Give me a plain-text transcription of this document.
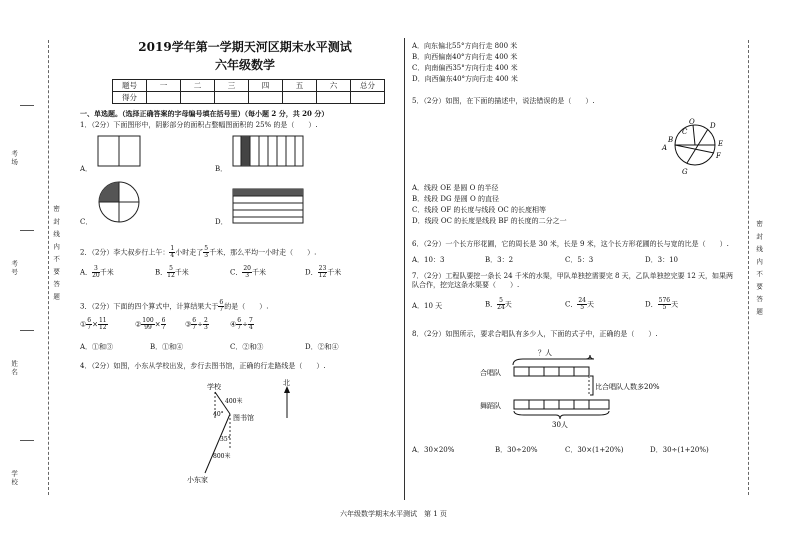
考场
考号
姓名
学校
密 封 线 内 不 要 答 题	密 封 线 内 不 要 答 题
2019学年第一学期天河区期末水平测试
六年级数学
题号	一	二	三	四	五	六	总分
得分							
一、单选题。（选择正确答案的字母编号填在括号里）（每小题 2 分，共 20 分）
1．（2分）下面图形中，阴影部分的面积占整幅图面积的 25% 的是（　　）.
A．	B．
C．	D．
2．（2分）李大叔步行上午： $\frac{1}{4}$ 小时走了 $\frac{5}{3}$ 千米，那么平均一小时走（　　）.
A． $\frac{3}{20}$ 千米	B． $\frac{5}{12}$ 千米	C． $\frac{20}{3}$ 千米	D． $\frac{23}{12}$ 千米
3．（2分）下面的四个算式中，计算结果大于 $\frac{6}{7}$ 的是（　　）.
① $\frac{6}{7} \times \frac{11}{12}$	② $\frac{100}{99} \times \frac{6}{7}$	③ $\frac{6}{7} \div \frac{2}{3}$	④ $\frac{6}{7} \div \frac{7}{4}$
A．①和③	B．①和④	C．②和③	D．②和④
4．（2分）如图，小东从学校出发，步行去图书馆，正确的行走路线是（　　）.
学校	北
400米
40° 图书馆
35°
800米
小东家
A．向东偏北55°方向行走 800 米
B．向西偏南40°方向行走 400 米
C．向南偏西35°方向行走 400 米
D．向西偏东40°方向行走 400 米
5．（2分）如图，在下面的描述中，说法错误的是（　　）.
O
C
D
B	E
A
F
G
A．线段 OE 是圆 O 的半径
B．线段 DG 是圆 O 的直径
C．线段 OF 的长度与线段 OC 的长度相等
D．线段 OC 的长度是线段 BF 的长度的二分之一
6．（2分）一个长方形花圃，它的周长是 30 米，长是 9 米，这个长方形花圃的长与宽的比是（　　）.
A．10：3	B．3：2	C．5：3	D．3：10
7．（2分）工程队要挖一条长 24 千米的水渠，甲队单独挖需要完 8 天，乙队单独挖完要 12 天，如果两队合作，挖完这条水渠要（　　）.
A．10 天	B． $\frac{5}{24}$ 天	C． $\frac{24}{5}$ 天	D． $\frac{576}{5}$ 天
8．（2分）如图所示，要求合唱队有多少人，下面的式子中，正确的是（　　）.
？人
合唱队
比合唱队人数多20%
舞蹈队
30人
A．30×20%	B．30÷20%	C．30×(1+20%)	D．30÷(1+20%)
六年级数学期末水平测试　第 1 页
